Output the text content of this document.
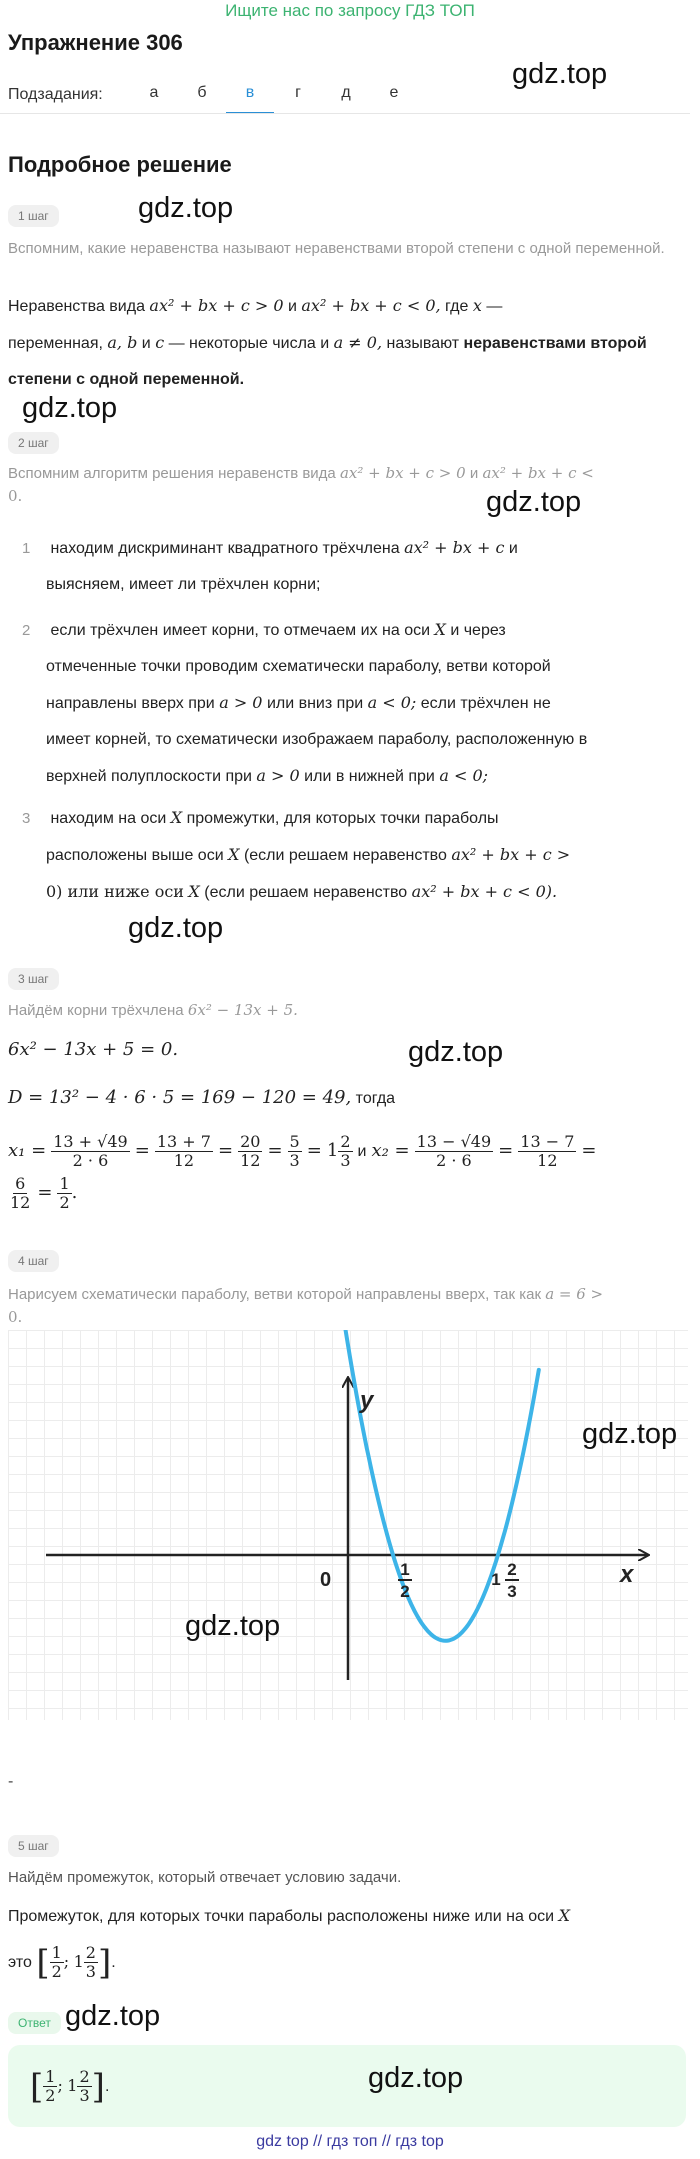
Ищите нас по запросу ГДЗ ТОП
Упражнение 306
Подзадания:	а	б	в	г	д	е
gdz.top
Подробное решение
1 шаг	gdz.top
Вспомним, какие неравенства называют неравенствами второй степени с одной переменной.
Неравенства вида ax² + bx + c > 0 и ax² + bx + c < 0, где x —
переменная, a, b и c — некоторые числа и a ≠ 0, называют неравенствами второй степени с одной переменной.
gdz.top
2 шаг
Вспомним алгоритм решения неравенств вида ax² + bx + c > 0 и ax² + bx + c <
0.	gdz.top
1 находим дискриминант квадратного трёхчлена ax² + bx + c и
выясняем, имеет ли трёхчлен корни;
2 если трёхчлен имеет корни, то отмечаем их на оси X и через
отмеченные точки проводим схематически параболу, ветви которой
направлены вверх при a > 0 или вниз при a < 0; если трёхчлен не
имеет корней, то схематически изображаем параболу, расположенную в
верхней полуплоскости при a > 0 или в нижней при a < 0;
3 находим на оси X промежутки, для которых точки параболы
расположены выше оси X (если решаем неравенство ax² + bx + c >
0) или ниже оси X (если решаем неравенство ax² + bx + c < 0).
gdz.top
3 шаг
Найдём корни трёхчлена 6x² − 13x + 5.
6x² − 13x + 5 = 0.	gdz.top
D = 13² − 4 · 6 · 5 = 169 − 120 = 49, тогда
$x_1 = \frac{13 + √49}{2 \cdot 6} = \frac{13 + 7}{12} = \frac{20}{12} = \frac{5}{3} = 1 \frac{2}{3}$ и $x_2 = \frac{13 - √49}{2 \cdot 6} = \frac{13 - 7}{12}$ =

$\frac{6}{12} = \frac{1}{2}$ .
4 шаг
Нарисуем схематически параболу, ветви которой направлены вверх, так как a = 6 >
0.
x
y
0	1
2
1
2
3
gdz.top
gdz.top
-
5 шаг
Найдём промежуток, который отвечает условию задачи.
Промежуток, для которых точки параболы расположены ниже или на оси X
это [ $\frac{1}{2}$ ; $1 \frac{2}{3}$ ].
Ответ gdz.top
[ $\frac{1}{2}$ ; $1 \frac{2}{3}$ ].	gdz.top
gdz top // гдз топ // гдз top
